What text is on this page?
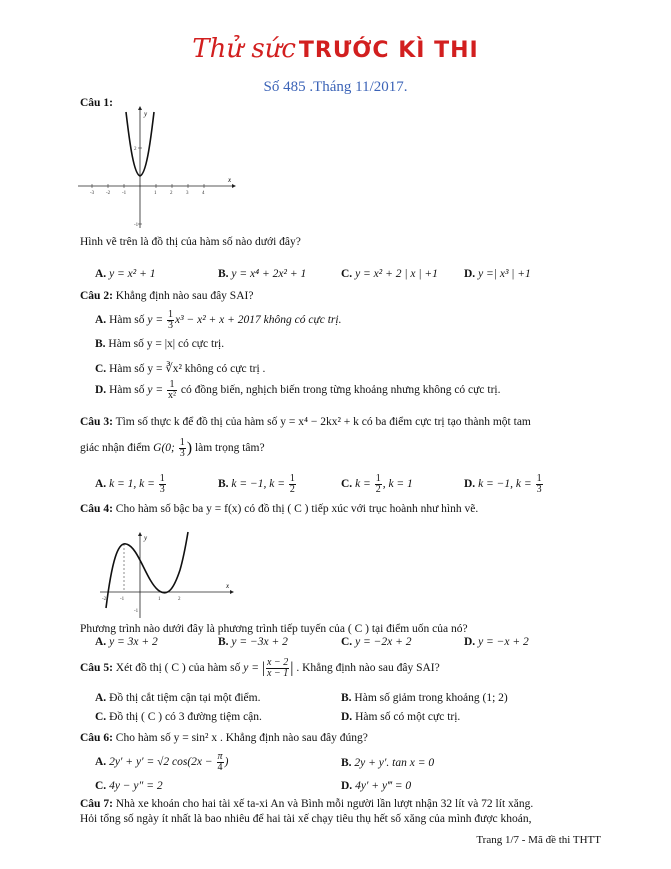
Thử sức TRƯỚC KÌ THI
Số 485 .Tháng 11/2017.
Câu 1:
x
y
-3 -2 -1	1	2	3	4
-1
2
Hình vẽ trên là đồ thị của hàm số nào dưới đây?
A. y = x² + 1	B. y = x⁴ + 2x² + 1	C. y = x² + 2 | x | +1 D. y =| x³ | +1
Câu 2: Khẳng định nào sau đây SAI?
A. Hàm số $y = \frac{1}{3} x^3 - x^2 + x + 2017$ không có cực trị.
B. Hàm số y = |x| có cực trị.
C. Hàm số y = ∛x² không có cực trị .
D. Hàm số $y = \frac{1}{\text{x²}}$ có đồng biến, nghịch biến trong từng khoảng nhưng không có cực trị.
Câu 3: Tìm số thực k để đồ thị của hàm số y = x⁴ − 2kx² + k có ba điểm cực trị tạo thành một tam
giác nhận điểm G(0; $\frac{1}{3}$ ) làm trọng tâm?
A. k = 1, $k = \frac{1}{3}$	B. k = −1, $k = \frac{1}{2}$	C. $k = \frac{1}{2}$ , k = 1	D. k = −1, $k = \frac{1}{3}$
Câu 4: Cho hàm số bậc ba y = f(x) có đồ thị ( C ) tiếp xúc với trục hoành như hình vẽ.
x
y
-2	-1	1	2
-1
Phương trình nào dưới đây là phương trình tiếp tuyến của ( C ) tại điểm uốn của nó?
A. y = 3x + 2	B. y = −3x + 2	C. y = −2x + 2	D. y = −x + 2
Câu 5: Xét đồ thị ( C ) của hàm số y = | $\frac{x - 2}{x - 1}$ | . Khẳng định nào sau đây SAI?
A. Đồ thị cắt tiệm cận tại một điểm.	B. Hàm số giảm trong khoảng (1; 2)
C. Đồ thị ( C ) có 3 đường tiệm cận.	D. Hàm số có một cực trị.
Câu 6: Cho hàm số y = sin² x . Khẳng định nào sau đây đúng?
A. 2y′ + y′ = √2 $\cos(2x - \frac{\pi}{4}$ )	B. 2y + y′. tan x = 0
C. 4y − y″ = 2	D. 4y′ + y‴ = 0
Câu 7: Nhà xe khoán cho hai tài xế ta-xi An và Bình mỗi người lần lượt nhận 32 lít và 72 lít xăng.
Hỏi tổng số ngày ít nhất là bao nhiêu để hai tài xế chạy tiêu thụ hết số xăng của mình được khoán,
Trang 1/7 - Mã đề thi THTT
